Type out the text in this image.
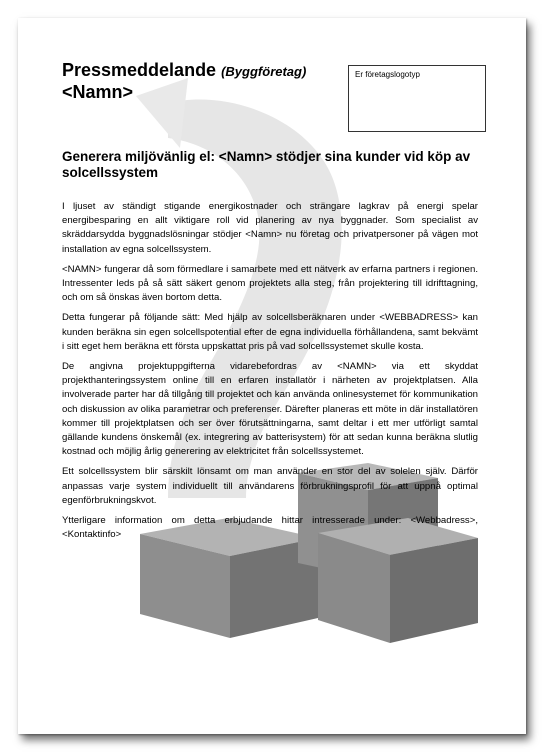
Pressmeddelande (Byggföretag)
<Namn>
Er företagslogotyp
Generera miljövänlig el: <Namn> stödjer sina kunder vid köp av solcellssystem

I ljuset av ständigt stigande energikostnader och strängare lagkrav på energi spelar energibesparing en allt viktigare roll vid planering av nya byggnader. Som specialist av skräddarsydda byggnadslösningar stödjer <Namn> nu företag och privatpersoner på vägen mot installation av egna solcellssystem.

<NAMN> fungerar då som förmedlare i samarbete med ett nätverk av erfarna partners i regionen. Intressenter leds på så sätt säkert genom projektets alla steg, från projektering till idrifttagning, och om så önskas även bortom detta.

Detta fungerar på följande sätt: Med hjälp av solcellsberäknaren under <WEBBADRESS> kan kunden beräkna sin egen solcellspotential efter de egna individuella förhållandena, samt bekvämt i sitt eget hem beräkna ett första uppskattat pris på vad solcellssystemet skulle kosta.

De angivna projektuppgifterna vidarebefordras av <NAMN> via ett skyddat projekthanteringssystem online till en erfaren installatör i närheten av projektplatsen. Alla involverade parter har då tillgång till projektet och kan använda onlinesystemet för kommunikation och diskussion av olika parametrar och preferenser. Därefter planeras ett möte in där installatören kommer till projektplatsen och ser över förutsättningarna, samt deltar i ett mer utförligt samtal gällande kundens önskemål (ex. integrering av batterisystem) för att sedan kunna beräkna slutlig kostnad och möjlig årlig generering av elektricitet från solcellssystemet.

Ett solcellssystem blir särskilt lönsamt om man använder en stor del av solelen själv. Därför anpassas varje system individuellt till användarens förbrukningsprofil för att uppnå optimal egenförbrukningskvot.

Ytterligare information om detta erbjudande hittar intresserade under: <Webbadress>, <Kontaktinfo>
